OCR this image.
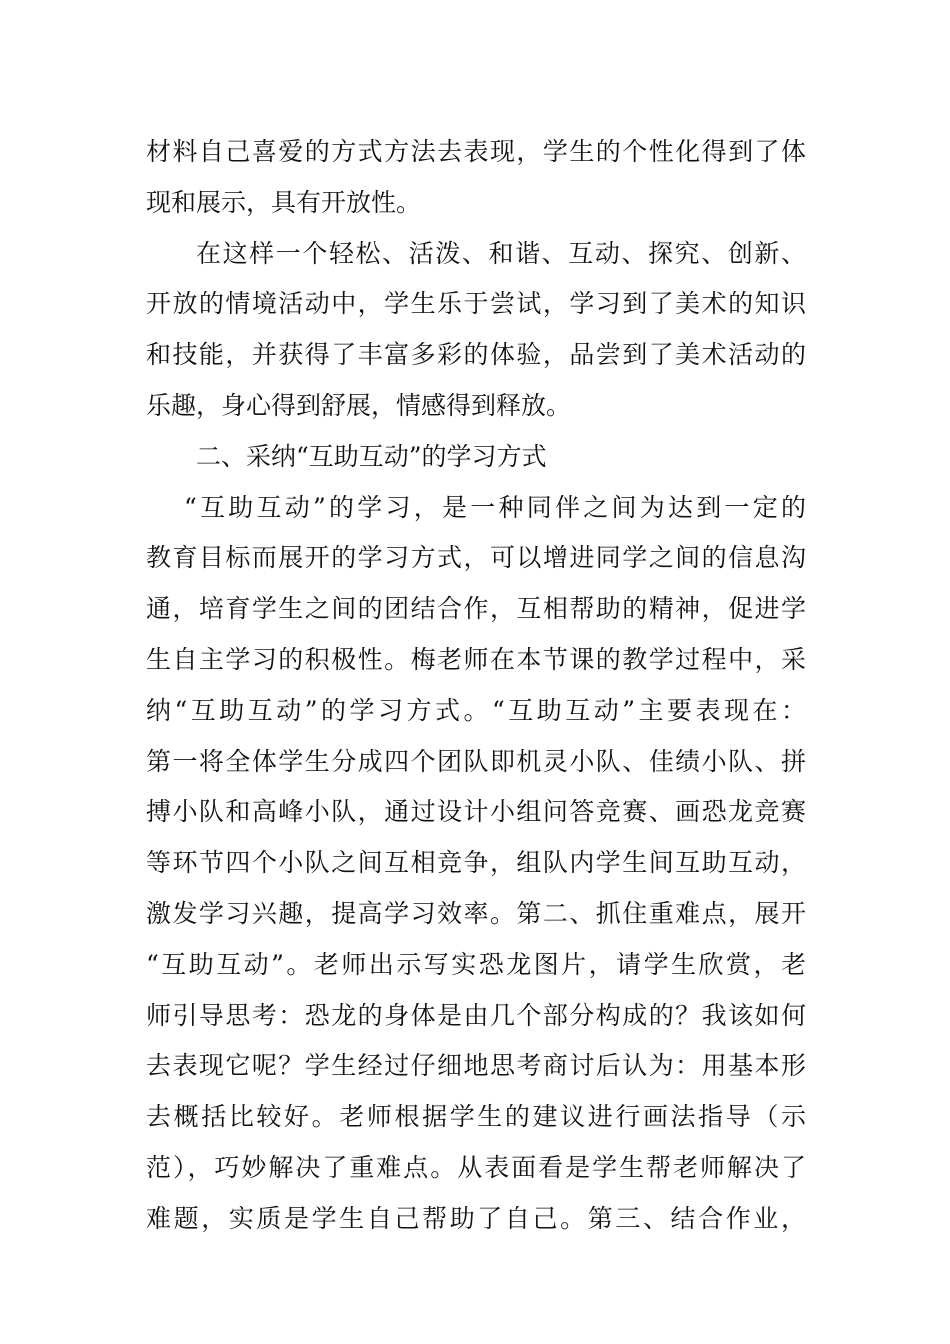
材料自己喜爱的方式方法去表现，学生的个性化得到了体
现和展示，具有开放性。
在这样一个轻松、活泼、和谐、互动、探究、创新、
开放的情境活动中，学生乐于尝试，学习到了美术的知识
和技能，并获得了丰富多彩的体验，品尝到了美术活动的
乐趣，身心得到舒展，情感得到释放。
二、采纳“互助互动”的学习方式
“互助互动”的学习，是一种同伴之间为达到一定的
教育目标而展开的学习方式，可以增进同学之间的信息沟
通，培育学生之间的团结合作，互相帮助的精神，促进学
生自主学习的积极性。梅老师在本节课的教学过程中，采
纳“互助互动”的学习方式。“互助互动”主要表现在：
第一将全体学生分成四个团队即机灵小队、佳绩小队、拼
搏小队和高峰小队，通过设计小组问答竞赛、画恐龙竞赛
等环节四个小队之间互相竞争，组队内学生间互助互动，
激发学习兴趣，提高学习效率。第二、抓住重难点，展开
“互助互动”。老师出示写实恐龙图片，请学生欣赏，老
师引导思考：恐龙的身体是由几个部分构成的？我该如何
去表现它呢？学生经过仔细地思考商讨后认为：用基本形
去概括比较好。老师根据学生的建议进行画法指导（示
范），巧妙解决了重难点。从表面看是学生帮老师解决了
难题，实质是学生自己帮助了自己。第三、结合作业，
